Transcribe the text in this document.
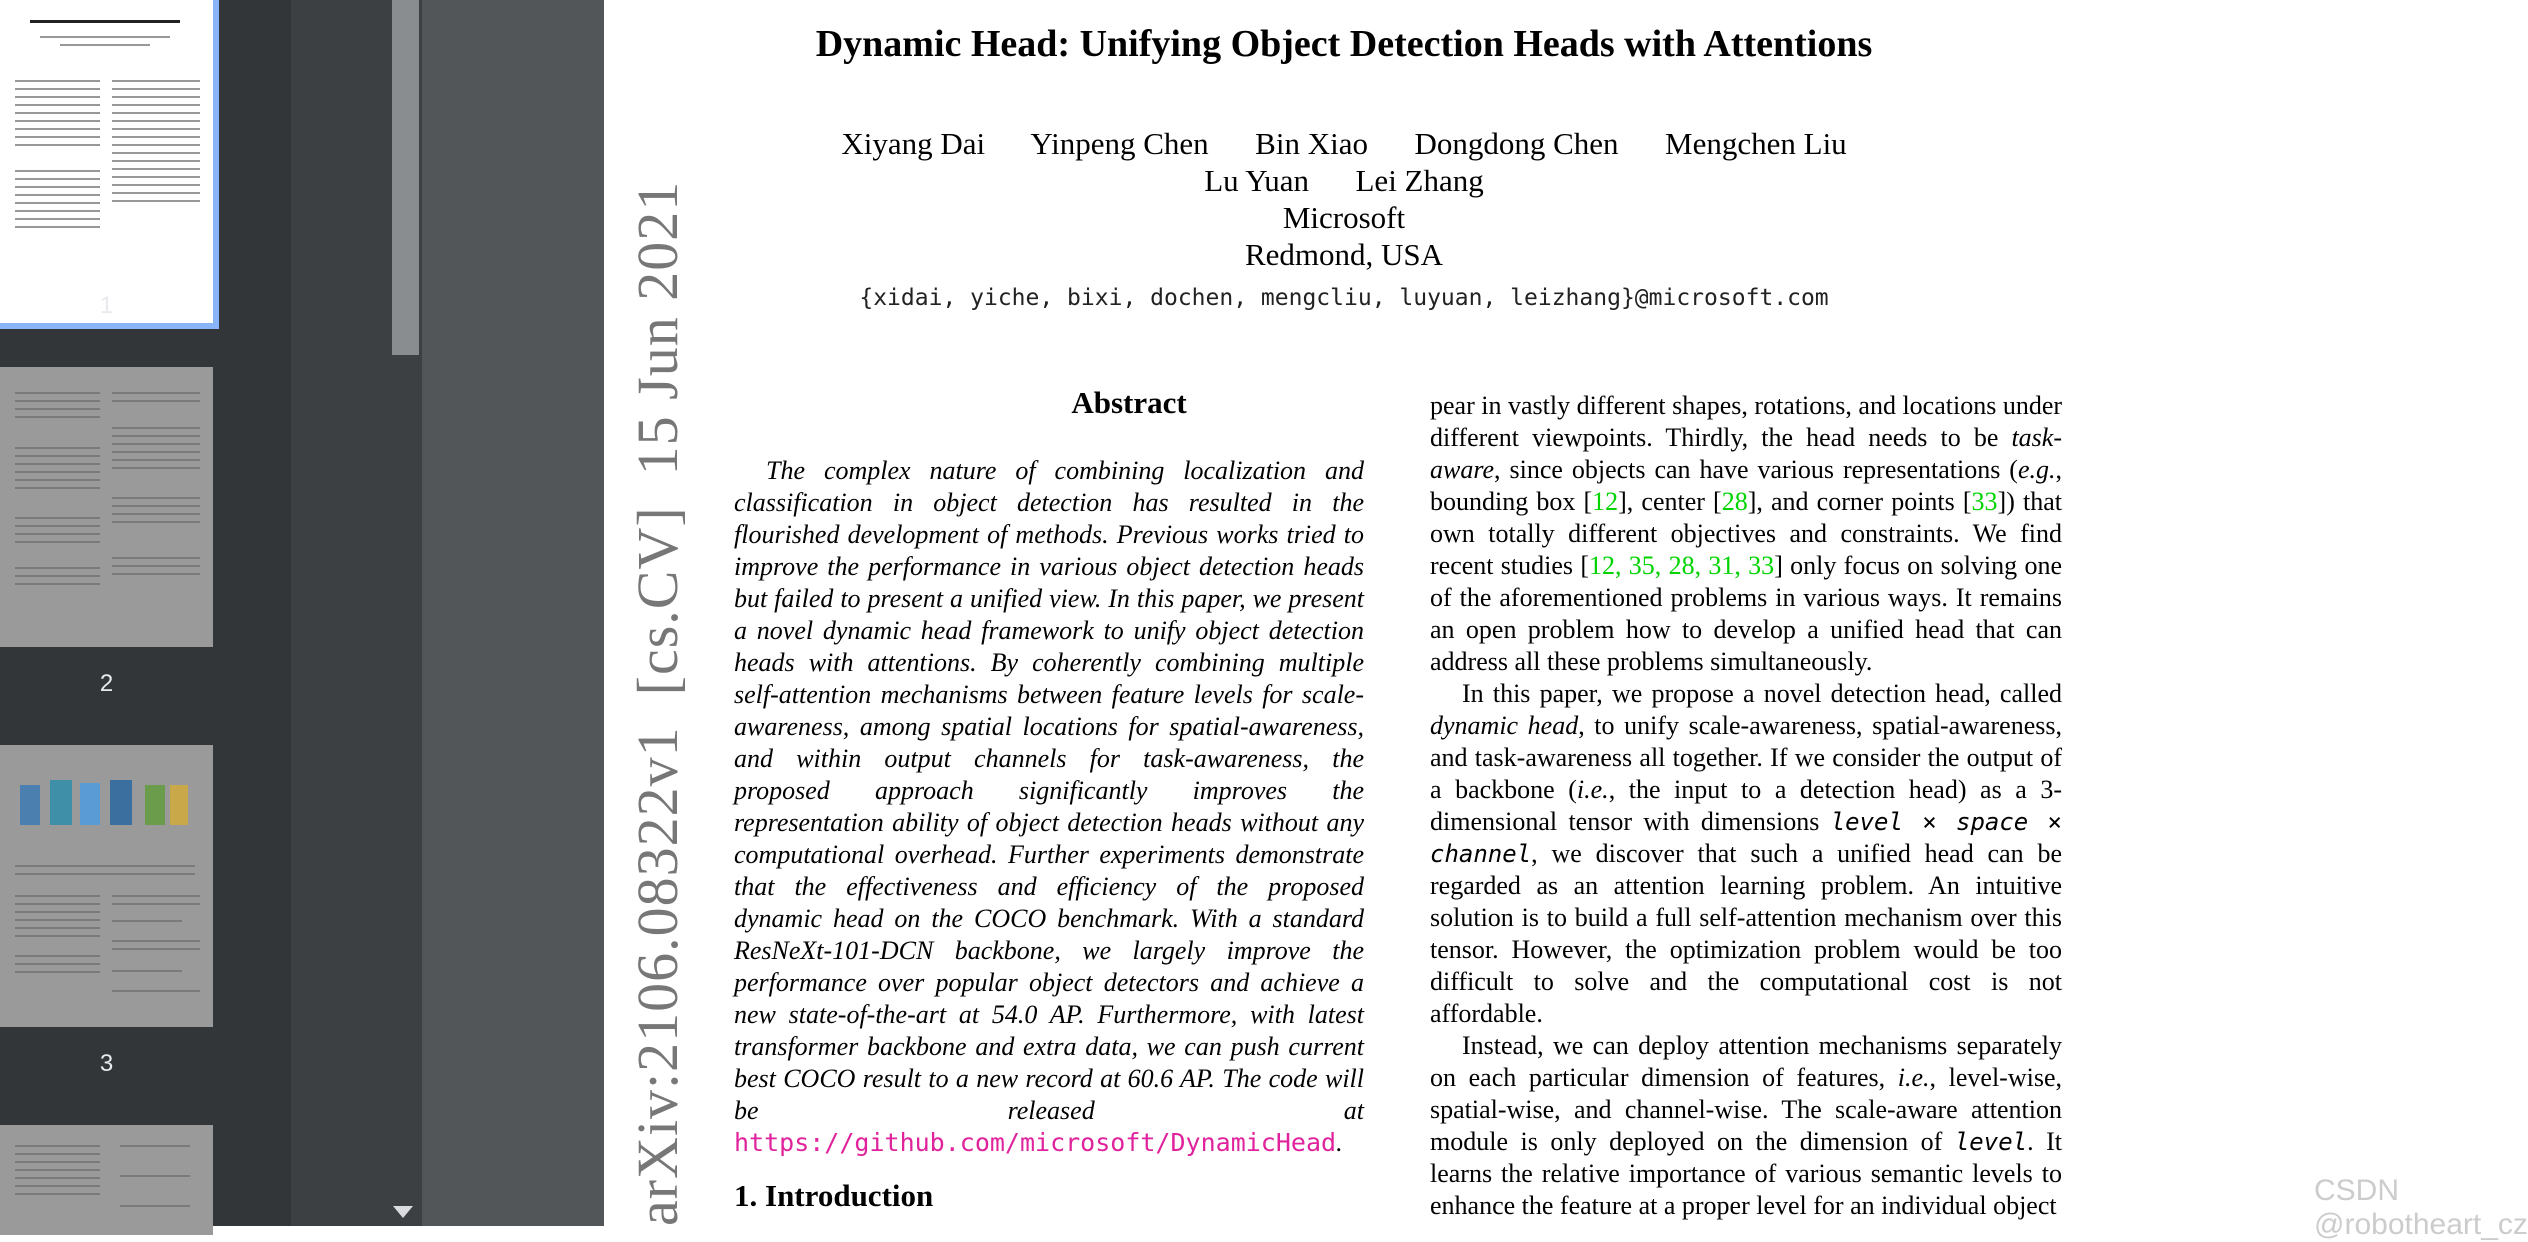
1
2
3
Dynamic Head: Unifying Object Detection Heads with Attentions
Xiyang Dai      Yinpeng Chen      Bin Xiao      Dongdong Chen      Mengchen Liu
Lu Yuan      Lei Zhang
Microsoft
Redmond, USA
{xidai, yiche, bixi, dochen, mengcliu, luyuan, leizhang}@microsoft.com
arXiv:2106.08322v1  [cs.CV]  15 Jun 2021	Abstract
The complex nature of combining localization and classification in object detection has resulted in the flourished development of methods. Previous works tried to improve the performance in various object detection heads but failed to present a unified view. In this paper, we present a novel dynamic head framework to unify object detection heads with attentions. By coherently combining multiple self-attention mechanisms between feature levels for scale-awareness, among spatial locations for spatial-awareness, and within output channels for task-awareness, the proposed approach significantly improves the representation ability of object detection heads without any computational overhead. Further experiments demonstrate that the effectiveness and efficiency of the proposed dynamic head on the COCO benchmark. With a standard ResNeXt-101-DCN backbone, we largely improve the performance over popular object detectors and achieve a new state-of-the-art at 54.0 AP. Furthermore, with latest transformer backbone and extra data, we can push current best COCO result to a new record at 60.6 AP. The code will be released at https://github.com/microsoft/DynamicHead.
1. Introduction

pear in vastly different shapes, rotations, and locations under different viewpoints. Thirdly, the head needs to be task-aware, since objects can have various representations (e.g., bounding box [12], center [28], and corner points [33]) that own totally different objectives and constraints. We find recent studies [12, 35, 28, 31, 33] only focus on solving one of the aforementioned problems in various ways. It remains an open problem how to develop a unified head that can address all these problems simultaneously.

In this paper, we propose a novel detection head, called dynamic head, to unify scale-awareness, spatial-awareness, and task-awareness all together. If we consider the output of a backbone (i.e., the input to a detection head) as a 3-dimensional tensor with dimensions level × space × channel, we discover that such a unified head can be regarded as an attention learning problem. An intuitive solution is to build a full self-attention mechanism over this tensor. However, the optimization problem would be too difficult to solve and the computational cost is not affordable.

Instead, we can deploy attention mechanisms separately on each particular dimension of features, i.e., level-wise, spatial-wise, and channel-wise. The scale-aware attention module is only deployed on the dimension of level. It learns the relative importance of various semantic levels to enhance the feature at a proper level for an individual object	CSDN @robotheart_cz
